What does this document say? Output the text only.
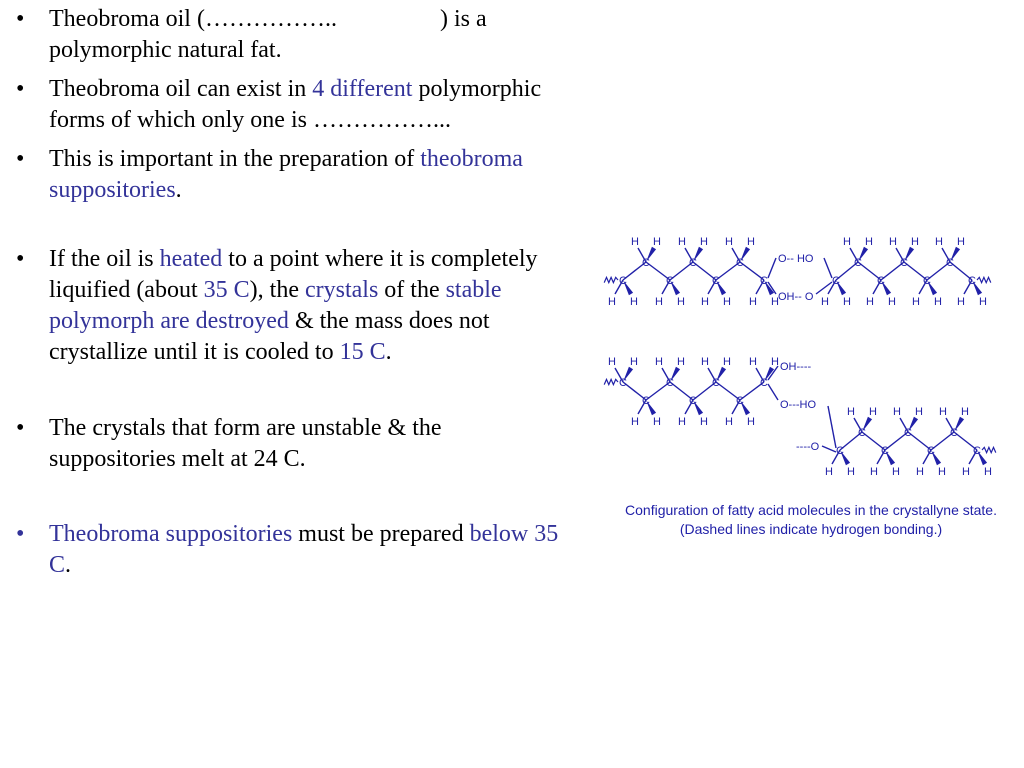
•	Theobroma oil (……………..	) is a polymorphic natural fat.
•	Theobroma oil can exist in 4 different polymorphic forms of which only one is ……………...
•	This is important in the preparation of theobroma suppositories.
•	If the oil is heated to a point where it is completely liquified (about 35 C), the crystals of the stable polymorph are destroyed & the mass does not crystallize until it is cooled to 15 C.
•	The crystals that form are unstable & the suppositories melt at 24 C.
•	Theobroma suppositories must be prepared below 35 C.
H H
C
H H
C
H H
C
H H
C
H H
C
H H
C
H H
C
O-- HO
OH-- O H H
C
H H
C
H H
C
H H
C
H H
C
H H
C
H H
C
H H
C
H H
C
H H
C
H H
C
H H
C
H H
C
H H
C
OH----
O---HO
H H
C
H H
C
H H
C
H H
C
H H
C
H H
C
H H
C
----O
Configuration of fatty acid molecules in the crystallyne state.
(Dashed lines indicate hydrogen bonding.)
